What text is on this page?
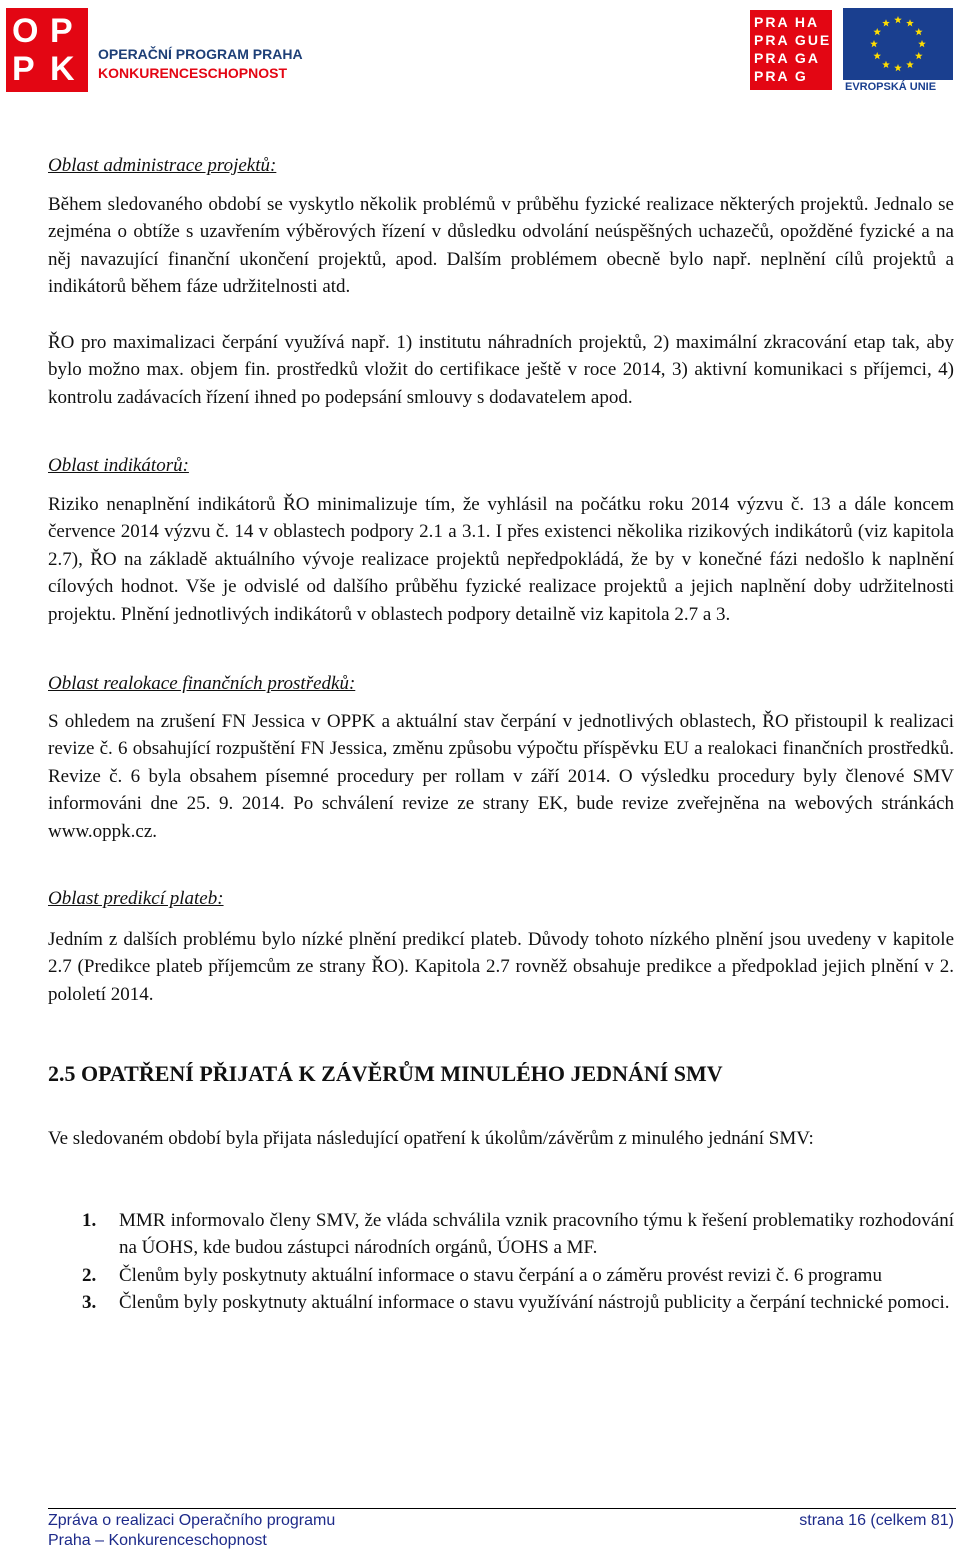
O P
P K OPERAČNÍ PROGRAM PRAHA
KONKURENCESCHOPNOST
PRA HA
PRA GUE
PRA GA
PRA G
EVROPSKÁ UNIE
Oblast administrace projektů:
Během sledovaného období se vyskytlo několik problémů v průběhu fyzické realizace některých projektů. Jednalo se zejména o obtíže s uzavřením výběrových řízení v důsledku odvolání neúspěšných uchazečů, opožděné fyzické a na něj navazující finanční ukončení projektů, apod. Dalším problémem obecně bylo např. neplnění cílů projektů a indikátorů během fáze udržitelnosti atd.
ŘO pro maximalizaci čerpání využívá např. 1) institutu náhradních projektů, 2) maximální zkracování etap tak, aby bylo možno max. objem fin. prostředků vložit do certifikace ještě v roce 2014, 3) aktivní komunikaci s příjemci, 4) kontrolu zadávacích řízení ihned po podepsání smlouvy s dodavatelem apod.
Oblast indikátorů:
Riziko nenaplnění indikátorů ŘO minimalizuje tím, že vyhlásil na počátku roku 2014 výzvu č. 13 a dále koncem července 2014 výzvu č. 14 v oblastech podpory 2.1 a 3.1. I přes existenci několika rizikových indikátorů (viz kapitola 2.7), ŘO na základě aktuálního vývoje realizace projektů nepředpokládá, že by v konečné fázi nedošlo k naplnění cílových hodnot. Vše je odvislé od dalšího průběhu fyzické realizace projektů a jejich naplnění doby udržitelnosti projektu. Plnění jednotlivých indikátorů v oblastech podpory detailně viz kapitola 2.7 a 3.
Oblast realokace finančních prostředků:
S ohledem na zrušení FN Jessica v OPPK a aktuální stav čerpání v jednotlivých oblastech, ŘO přistoupil k realizaci revize č. 6 obsahující rozpuštění FN Jessica, změnu způsobu výpočtu příspěvku EU a realokaci finančních prostředků. Revize č. 6 byla obsahem písemné procedury per rollam v září 2014. O výsledku procedury byly členové SMV informováni dne 25. 9. 2014. Po schválení revize ze strany EK, bude revize zveřejněna na webových stránkách www.oppk.cz.
Oblast predikcí plateb:
Jedním z dalších problému bylo nízké plnění predikcí plateb. Důvody tohoto nízkého plnění jsou uvedeny v kapitole 2.7 (Predikce plateb příjemcům ze strany ŘO). Kapitola 2.7 rovněž obsahuje predikce a předpoklad jejich plnění v 2. pololetí 2014.
2.5 OPATŘENÍ PŘIJATÁ K ZÁVĚRŮM MINULÉHO JEDNÁNÍ SMV
Ve sledovaném období byla přijata následující opatření k úkolům/závěrům z minulého jednání SMV:
1. MMR informovalo členy SMV, že vláda schválila vznik pracovního týmu k řešení problematiky rozhodování na ÚOHS, kde budou zástupci národních orgánů, ÚOHS a MF.
2. Členům byly poskytnuty aktuální informace o stavu čerpání a o záměru provést revizi č. 6 programu
3. Členům byly poskytnuty aktuální informace o stavu využívání nástrojů publicity a čerpání technické pomoci.
Zpráva o realizaci Operačního programu
Praha – Konkurenceschopnost
strana 16 (celkem 81)
